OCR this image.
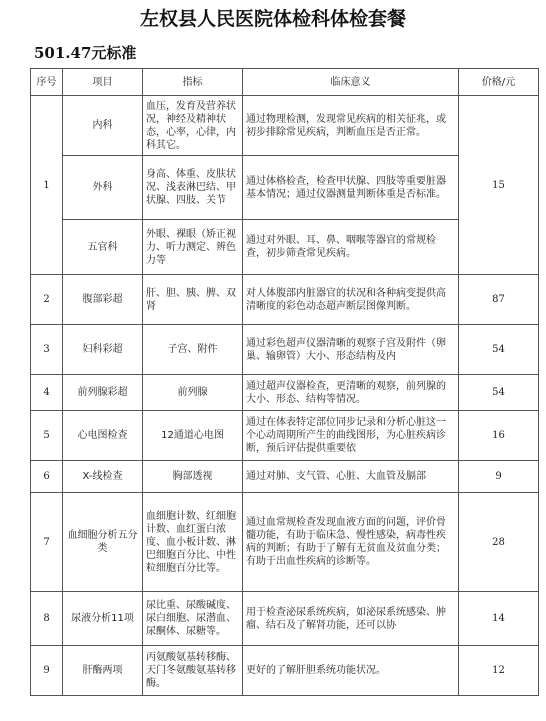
左权县人民医院体检科体检套餐
501.47元标准
序号	项目	指标	临床意义	价格/元
1	内科	血压，发育及营养状况，神经及精神状态，心率，心律，内科其它。	通过物理检测，发现常见疾病的相关征兆，或初步排除常见疾病，判断血压是否正常。	15
	外科	身高、体重、皮肤状况、浅表淋巴结、甲状腺、四肢、关节	通过体格检查，检查甲状腺、四肢等重要脏器基本情况；通过仪器测量判断体重是否标准。	
	五官科	外眼、裸眼（矫正视力、听力测定、辨色力等	通过对外眼、耳、鼻、咽喉等器官的常规检查，初步筛查常见疾病。	
2	腹部彩超	肝、胆、胰、脾、双肾	对人体腹部内脏器官的状况和各种病变提供高清晰度的彩色动态超声断层图像判断。	87
3	妇科彩超	子宫、附件	通过彩色超声仪器清晰的观察子宫及附件（卵巢、输卵管）大小、形态结构及内	54
4	前列腺彩超	前列腺	通过超声仪器检查，更清晰的观察，前列腺的大小、形态、结构等情况。	54
5	心电图检查	12通道心电图	通过在体表特定部位同步记录和分析心脏这一个心动周期所产生的曲线图形，为心脏疾病诊断，预后评估提供重要依	16
6	X-线检查	胸部透视	通过对肺、支气管、心脏、大血管及膈部	9
7	血细胞分析五分类	血细胞计数、红细胞计数、血红蛋白浓度、血小板计数、淋巴细胞百分比、中性粒细胞百分比等。	通过血常规检查发现血液方面的问题，评价骨髓功能，有助于临床急、慢性感染，病毒性疾病的判断；有助于了解有无贫血及贫血分类；有助于出血性疾病的诊断等。	28
8	尿液分析11项	尿比重、尿酸碱度、尿白细胞、尿潜血、尿酮体、尿糖等。	用于检查泌尿系统疾病，如泌尿系统感染、肿瘤、结石及了解肾功能，还可以协	14
9	肝酶两项	丙氨酸氨基转移酶、天门冬氨酸氨基转移酶。	更好的了解肝胆系统功能状况。	12
